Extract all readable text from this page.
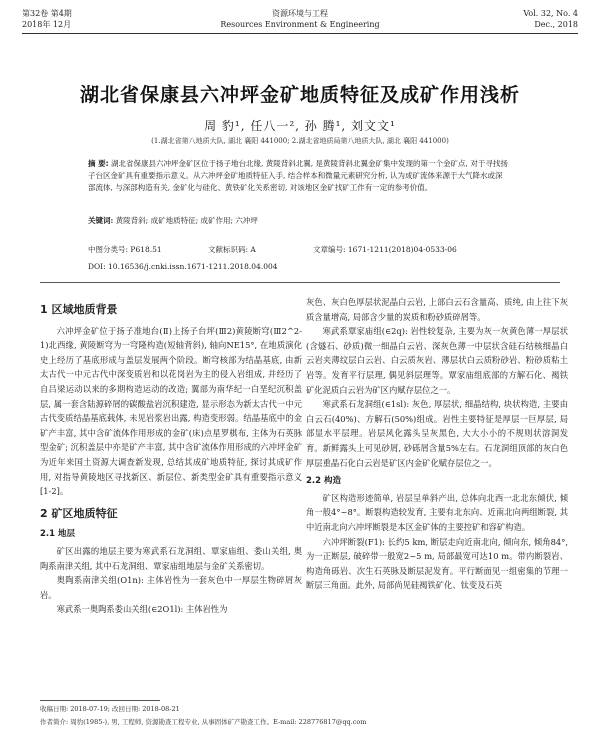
第32卷 第4期
2018年 12月
资源环境与工程
Resources Environment & Engineering
Vol. 32, No. 4
Dec., 2018
湖北省保康县六冲坪金矿地质特征及成矿作用浅析
周 豹¹, 任八一², 孙 腾¹, 刘文文¹
(1.湖北省第八地质大队, 湖北 襄阳 441000; 2.湖北省地质局第八地质大队, 湖北 襄阳 441000)
摘 要: 湖北省保康县六冲坪金矿区位于扬子地台北缘, 黄陵背斜北翼, 是黄陵背斜北翼金矿集中发现的第一个金矿点, 对于寻找扬子台区金矿具有重要指示意义。从六冲坪金矿地质特征入手, 结合样本和微量元素研究分析, 认为成矿流体来源于大气降水或深部流体, 与深部构造有关, 金矿化与硅化、黄铁矿化关系密切, 对该地区金矿找矿工作有一定的参考价值。
关键词: 黄陵背斜; 成矿地质特征; 成矿作用; 六冲坪
中图分类号: P618.51	文献标识码: A	文章编号: 1671-1211(2018)04-0533-06
DOI: 10.16536/j.cnki.issn.1671-1211.2018.04.004
1 区域地质背景

六冲坪金矿位于扬子准地台(Ⅱ)上扬子台坪(Ⅲ2)黄陵断穹(Ⅲ2^2-1)北西缘, 黄陵断穹为一穹隆构造(短轴背斜), 轴向NE15°, 在地质演化史上经历了基底形成与盖层发展两个阶段。断穹核部为结晶基底, 由新太古代一中元古代中深变质岩和以花岗岩为主的侵入岩组成, 并经历了自吕梁运动以来的多期构造运动的改造; 翼部为南华纪一白垩纪沉积盖层, 属一套含陆源碎屑的碳酸盐岩沉积建造, 显示形态为新太古代一中元古代变质结晶基底载体, 未见岩浆岩出露, 构造变形弱。结晶基底中的金矿产丰富, 其中含矿流体作用形成的金矿(床)点星罗棋布, 主体为石英脉型金矿; 沉积盖层中亦是矿产丰富, 其中含矿流体作用形成的六冲坪金矿为近年来国土资源大调查新发现, 总结其成矿地质特征, 探讨其成矿作用, 对指导黄陵地区寻找新区、新层位、新类型金矿具有重要指示意义[1-2]。

2 矿区地质特征
2.1 地层

矿区出露的地层主要为寒武系石龙洞组、覃家庙组、娄山关组, 奥陶系南津关组, 其中石龙洞组、覃家庙组地层与金矿关系密切。

奥陶系南津关组(O1n): 主体岩性为一套灰色中一厚层生物碎屑灰岩。

寒武系一奥陶系娄山关组(∈2O1l): 主体岩性为

灰色、灰白色厚层状泥晶白云岩, 上部白云石含量高、质纯, 由上往下灰质含量增高, 局部含少量的炭质和粉砂质碎屑等。

寒武系覃家庙组(∈2q): 岩性较复杂, 主要为灰一灰黄色薄一厚层状(含燧石、砂质)微一细晶白云岩、深灰色薄一中层状含硅石结核细晶白云岩夹薄纹层白云岩、白云质灰岩、薄层状白云质粉砂岩、粉砂质粘土岩等。发育平行层理, 偶见斜层理等。覃家庙组底部的方解石化、褐铁矿化泥质白云岩为矿区内赋存层位之一。

寒武系石龙洞组(∈1sl): 灰色, 厚层状, 细晶结构, 块状构造, 主要由白云石(40%)、方解石(50%)组成。岩性主要特征是厚层一巨厚层, 局部显水平层理。岩层风化露头呈灰黑色, 大大小小的不规则状溶洞发育。新鲜露头上可见砂屑, 砂砾屑含量5%左右。石龙洞组顶部的灰白色厚层重晶石化白云岩是矿区内金矿化赋存层位之一。

2.2 构造

矿区构造形迹简单, 岩层呈单斜产出, 总体向北西一北北东倾伏, 倾角一般4°~8°。断裂构造较发育, 主要有北东向、近南北向两组断裂, 其中近南北向六冲坪断裂是本区金矿体的主要控矿和容矿构造。

六冲坪断裂(F1): 长约5 km, 断层走向近南北向, 倾向东, 倾角84°, 为一正断层, 破碎带一般宽2~5 m, 局部最宽可达10 m。带内断裂岩、构造角砾岩、次生石英脉及断层泥发育。平行断面见一组密集的节理一断层三角面。此外, 局部尚见硅褐铁矿化、钛变及石英

收稿日期: 2018-07-19; 改回日期: 2018-08-21
作者简介: 周豹(1985-), 男, 工程师, 资源勘查工程专业, 从事固体矿产勘查工作。E-mail: 228776817@qq.com
